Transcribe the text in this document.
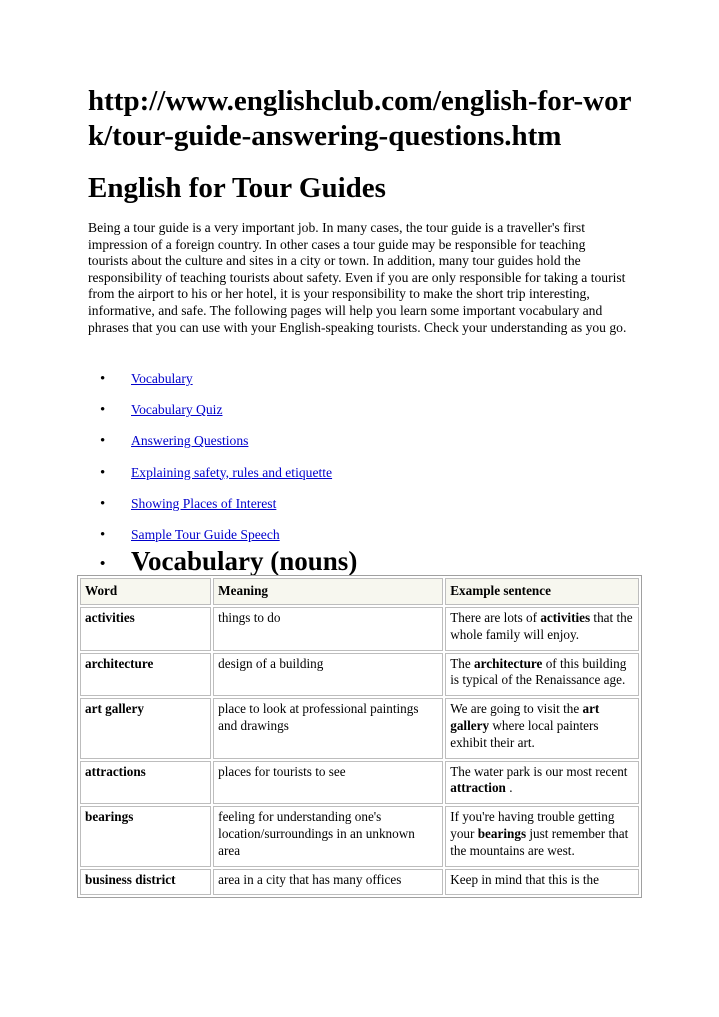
http://www.englishclub.com/english-for-work/tour-guide-answering-questions.htm
English for Tour Guides
Being a tour guide is a very important job. In many cases, the tour guide is a traveller's first impression of a foreign country. In other cases a tour guide may be responsible for teaching tourists about the culture and sites in a city or town. In addition, many tour guides hold the responsibility of teaching tourists about safety. Even if you are only responsible for taking a tourist from the airport to his or her hotel, it is your responsibility to make the short trip interesting, informative, and safe. The following pages will help you learn some important vocabulary and phrases that you can use with your English-speaking tourists. Check your understanding as you go.
• Vocabulary
• Vocabulary Quiz
• Answering Questions
• Explaining safety, rules and etiquette
• Showing Places of Interest
• Sample Tour Guide Speech
• Vocabulary (nouns)
Word	Meaning	Example sentence
activities	things to do	There are lots of activities that the whole family will enjoy.
architecture	design of a building	The architecture of this building is typical of the Renaissance age.
art gallery	place to look at professional paintings and drawings	We are going to visit the art gallery where local painters exhibit their art.
attractions	places for tourists to see	The water park is our most recent attraction .
bearings	feeling for understanding one's location/surroundings in an unknown area	If you're having trouble getting your bearings just remember that the mountains are west.
business district	area in a city that has many offices	Keep in mind that this is the
